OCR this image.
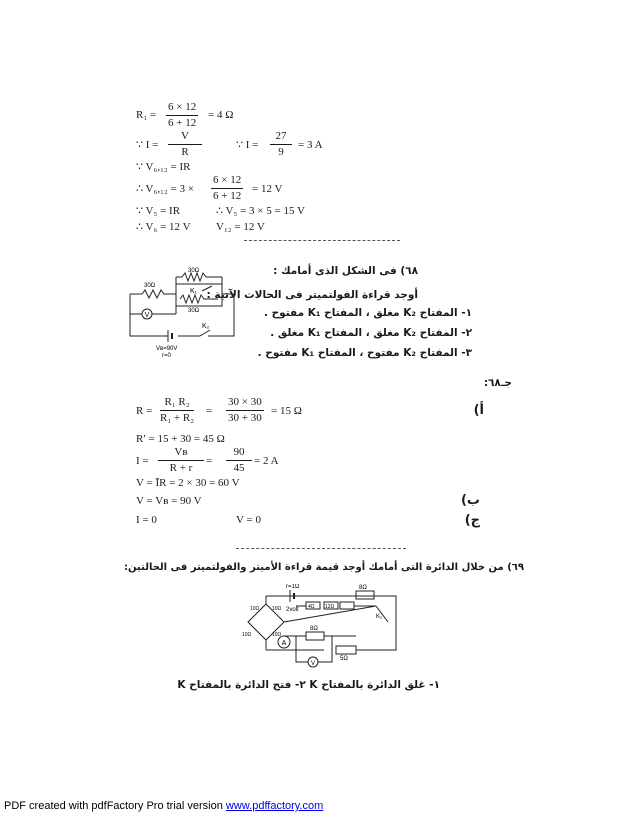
$R_1 = \frac{6 \times 12}{6 + 12} = 4$ Ω
∵ $I = \frac{V}{R}$	∵ $I = \frac{27}{9} = 3$ A
∵ V₆,₁₂ = IR
∴ $V_6,_{12} = 3 \times \frac{6 \times 12}{6 + 12} = 12$ V
∵ V₅ = IR	∴ V₅ = 3 × 5 = 15 V
∴ V₆ = 12 V V₁₂ = 12 V
٦٨) فى الشكل الذى أمامك :
أوجد قراءة الفولتميتر فى الحالات الآتية :
١- المفتاح K₂ مغلق ، المفتاح K₁ مفتوح .
٢- المفتاح K₂ مغلق ، المفتاح K₁ مغلق .
٣- المفتاح K₂ مفتوح ، المفتاح K₁ مفتوح .
V
30Ω
30Ω
30Ω
K₁
K₂
Vʙ=90V
r=0
جـ٦٨:
$R = \frac{\text{R₁ R₂}}{\text{R₁ + R₂}} = \frac{30 \times 30}{30 + 30} = 15$ Ω
R′ = 15 + 30 = 45 Ω
$I = \frac{\text{Vʙ}}{R + r} = \frac{90}{45} = 2$ A
V = ĪR = 2 × 30 = 60 V
V = Vʙ = 90 V
I = 0	V = 0
أ)
ب)
ج)
٦٩) من خلال الدائرة التى أمامك أوجد قيمة قراءة الأميتر والفولتميتر فى الحالتين:
A
V
r=1Ω
2volt
8Ω
4Ω 12Ω
8Ω
5Ω
10Ω	10Ω
10Ω	10Ω
K₁
١- غلق الدائرة بالمفتاح K ٢- فتح الدائرة بالمفتاح K
PDF created with pdfFactory Pro trial version www.pdffactory.com
